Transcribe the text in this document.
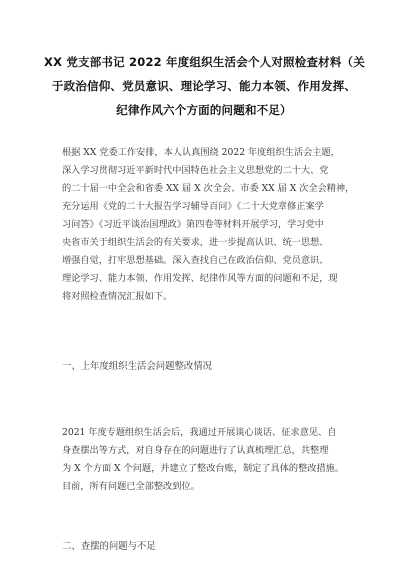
XX 党支部书记 2022 年度组织生活会个人对照检查材料（关
于政治信仰、党员意识、理论学习、能力本领、作用发挥、
纪律作风六个方面的问题和不足）
根据 XX 党委工作安排，本人认真围绕 2022 年度组织生活会主题，
深入学习贯彻习近平新时代中国特色社会主义思想党的二十大、党
的二十届一中全会和省委 XX 届 X 次全会、市委 XX 届 X 次全会精神，
充分运用《党的二十大报告学习辅导百问》《二十大党章修正案学
习问答》《习近平谈治国理政》第四卷等材料开展学习，学习党中
央省市关于组织生活会的有关要求，进一步提高认识、统一思想、
增强自觉，打牢思想基础。深入查找自己在政治信仰、党员意识、
理论学习、能力本领、作用发挥、纪律作风等方面的问题和不足，现
将对照检查情况汇报如下。
一、上年度组织生活会问题整改情况
2021 年度专题组织生活会后，我通过开展谈心谈话、征求意见、自
身查摆出等方式，对自身存在的问题进行了认真梳理汇总，共整理
为 X 个方面 X 个问题，并建立了整改台账，制定了具体的整改措施。
目前，所有问题已全部整改到位。
二、查摆的问题与不足
